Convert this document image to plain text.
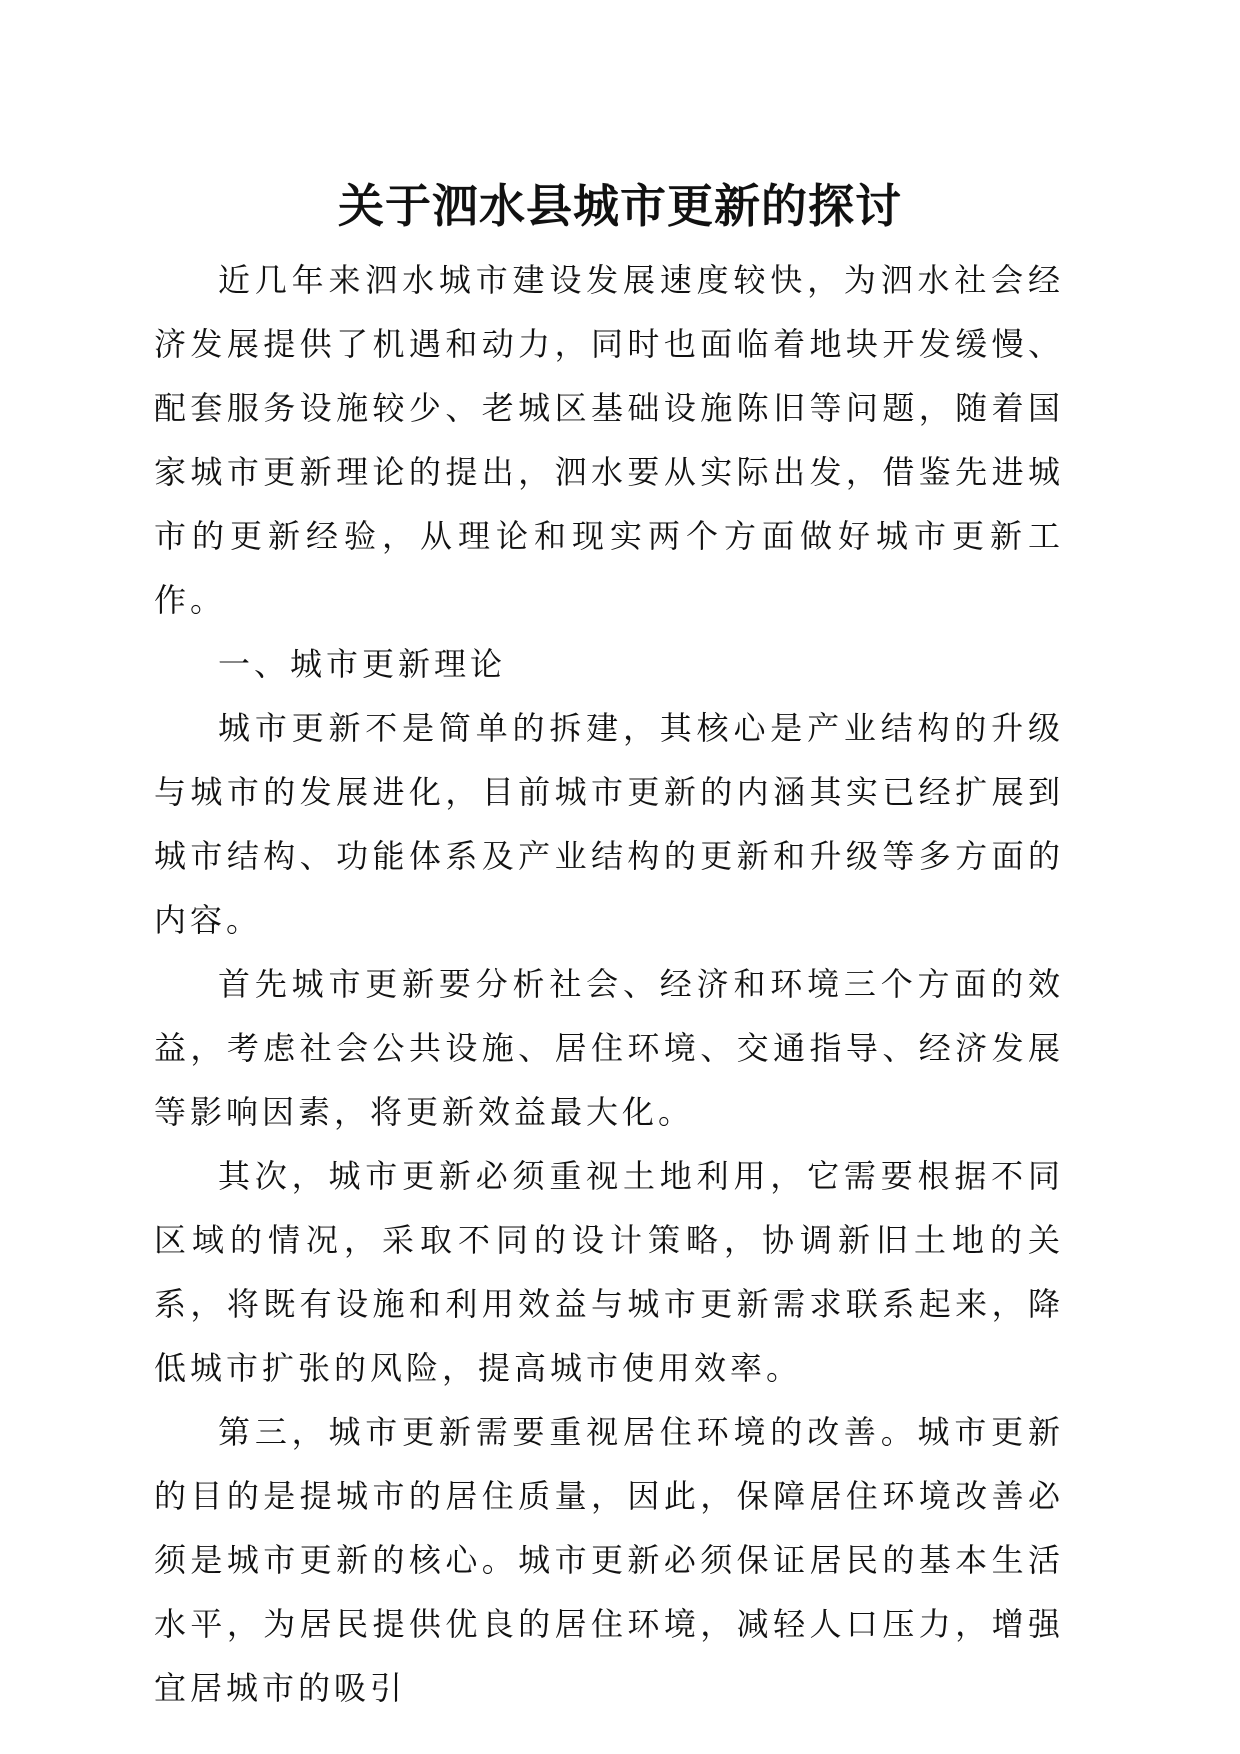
关于泗水县城市更新的探讨

近几年来泗水城市建设发展速度较快，为泗水社会经济发展提供了机遇和动力，同时也面临着地块开发缓慢、配套服务设施较少、老城区基础设施陈旧等问题，随着国家城市更新理论的提出，泗水要从实际出发，借鉴先进城市的更新经验，从理论和现实两个方面做好城市更新工作。

一、城市更新理论

城市更新不是简单的拆建，其核心是产业结构的升级与城市的发展进化，目前城市更新的内涵其实已经扩展到城市结构、功能体系及产业结构的更新和升级等多方面的内容。

首先城市更新要分析社会、经济和环境三个方面的效益，考虑社会公共设施、居住环境、交通指导、经济发展等影响因素，将更新效益最大化。

其次，城市更新必须重视土地利用，它需要根据不同区域的情况，采取不同的设计策略，协调新旧土地的关系，将既有设施和利用效益与城市更新需求联系起来，降低城市扩张的风险，提高城市使用效率。

第三，城市更新需要重视居住环境的改善。城市更新的目的是提城市的居住质量，因此，保障居住环境改善必须是城市更新的核心。城市更新必须保证居民的基本生活水平，为居民提供优良的居住环境，减轻人口压力，增强宜居城市的吸引
